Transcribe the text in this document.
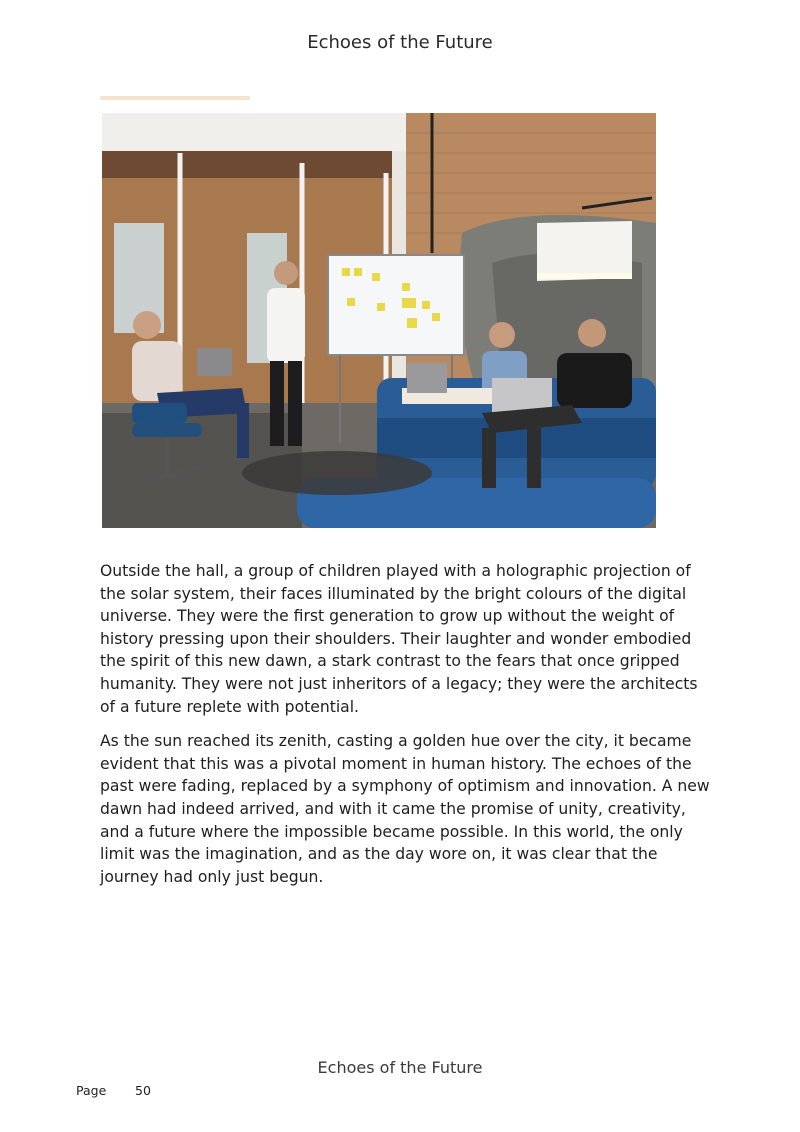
Echoes of the Future

Outside the hall, a group of children played with a holographic projection of the solar system, their faces illuminated by the bright colours of the digital universe. They were the first generation to grow up without the weight of history pressing upon their shoulders. Their laughter and wonder embodied the spirit of this new dawn, a stark contrast to the fears that once gripped humanity. They were not just inheritors of a legacy; they were the architects of a future replete with potential.

As the sun reached its zenith, casting a golden hue over the city, it became evident that this was a pivotal moment in human history. The echoes of the past were fading, replaced by a symphony of optimism and innovation. A new dawn had indeed arrived, and with it came the promise of unity, creativity, and a future where the impossible became possible. In this world, the only limit was the imagination, and as the day wore on, it was clear that the journey had only just begun.

Echoes of the Future
Page 50
